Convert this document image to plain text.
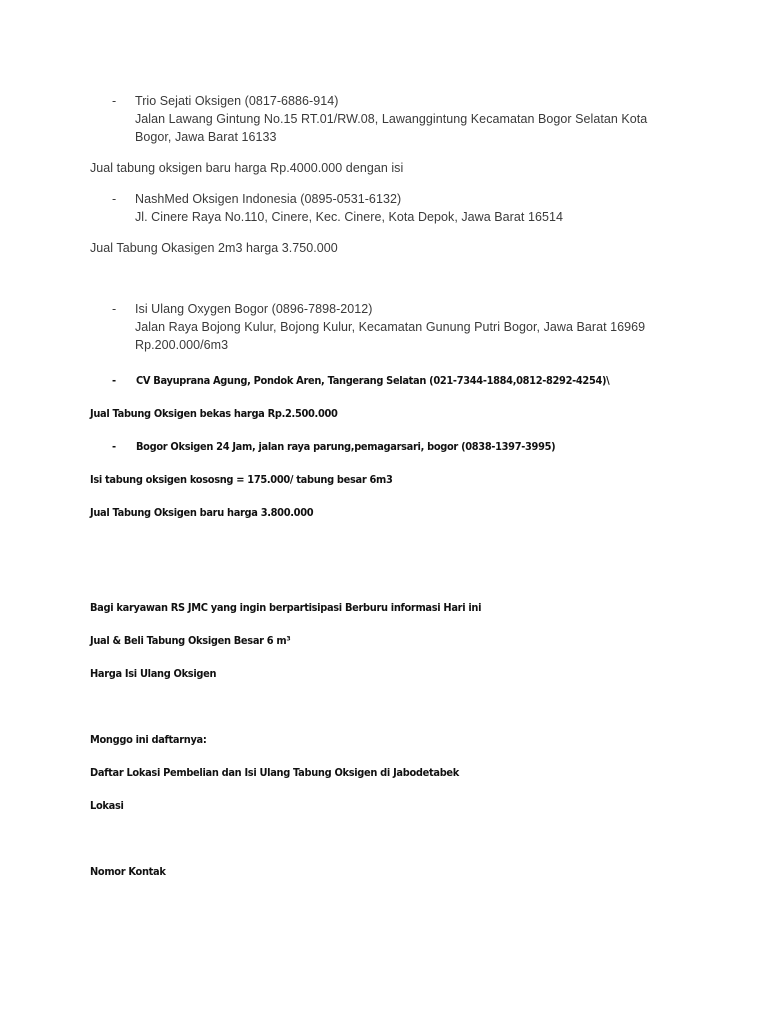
- Trio Sejati Oksigen (0817-6886-914)
Jalan Lawang Gintung No.15 RT.01/RW.08, Lawanggintung Kecamatan Bogor Selatan Kota
Bogor, Jawa Barat 16133
Jual tabung oksigen baru harga Rp.4000.000 dengan isi
- NashMed Oksigen Indonesia (0895-0531-6132)
Jl. Cinere Raya No.110, Cinere, Kec. Cinere, Kota Depok, Jawa Barat 16514
Jual Tabung Okasigen 2m3 harga 3.750.000
- Isi Ulang Oxygen Bogor (0896-7898-2012)
Jalan Raya Bojong Kulur, Bojong Kulur, Kecamatan Gunung Putri Bogor, Jawa Barat 16969
Rp.200.000/6m3
- CV Bayuprana Agung, Pondok Aren, Tangerang Selatan (021-7344-1884,0812-8292-4254)\
Jual Tabung Oksigen bekas harga Rp.2.500.000
- Bogor Oksigen 24 Jam, jalan raya parung,pemagarsari, bogor (0838-1397-3995)
Isi tabung oksigen kososng = 175.000/ tabung besar 6m3
Jual Tabung Oksigen baru harga 3.800.000
Bagi karyawan RS JMC yang ingin berpartisipasi Berburu informasi Hari ini
Jual & Beli Tabung Oksigen Besar 6 m³
Harga Isi Ulang Oksigen
Monggo ini daftarnya:
Daftar Lokasi Pembelian dan Isi Ulang Tabung Oksigen di Jabodetabek
Lokasi
Nomor Kontak
